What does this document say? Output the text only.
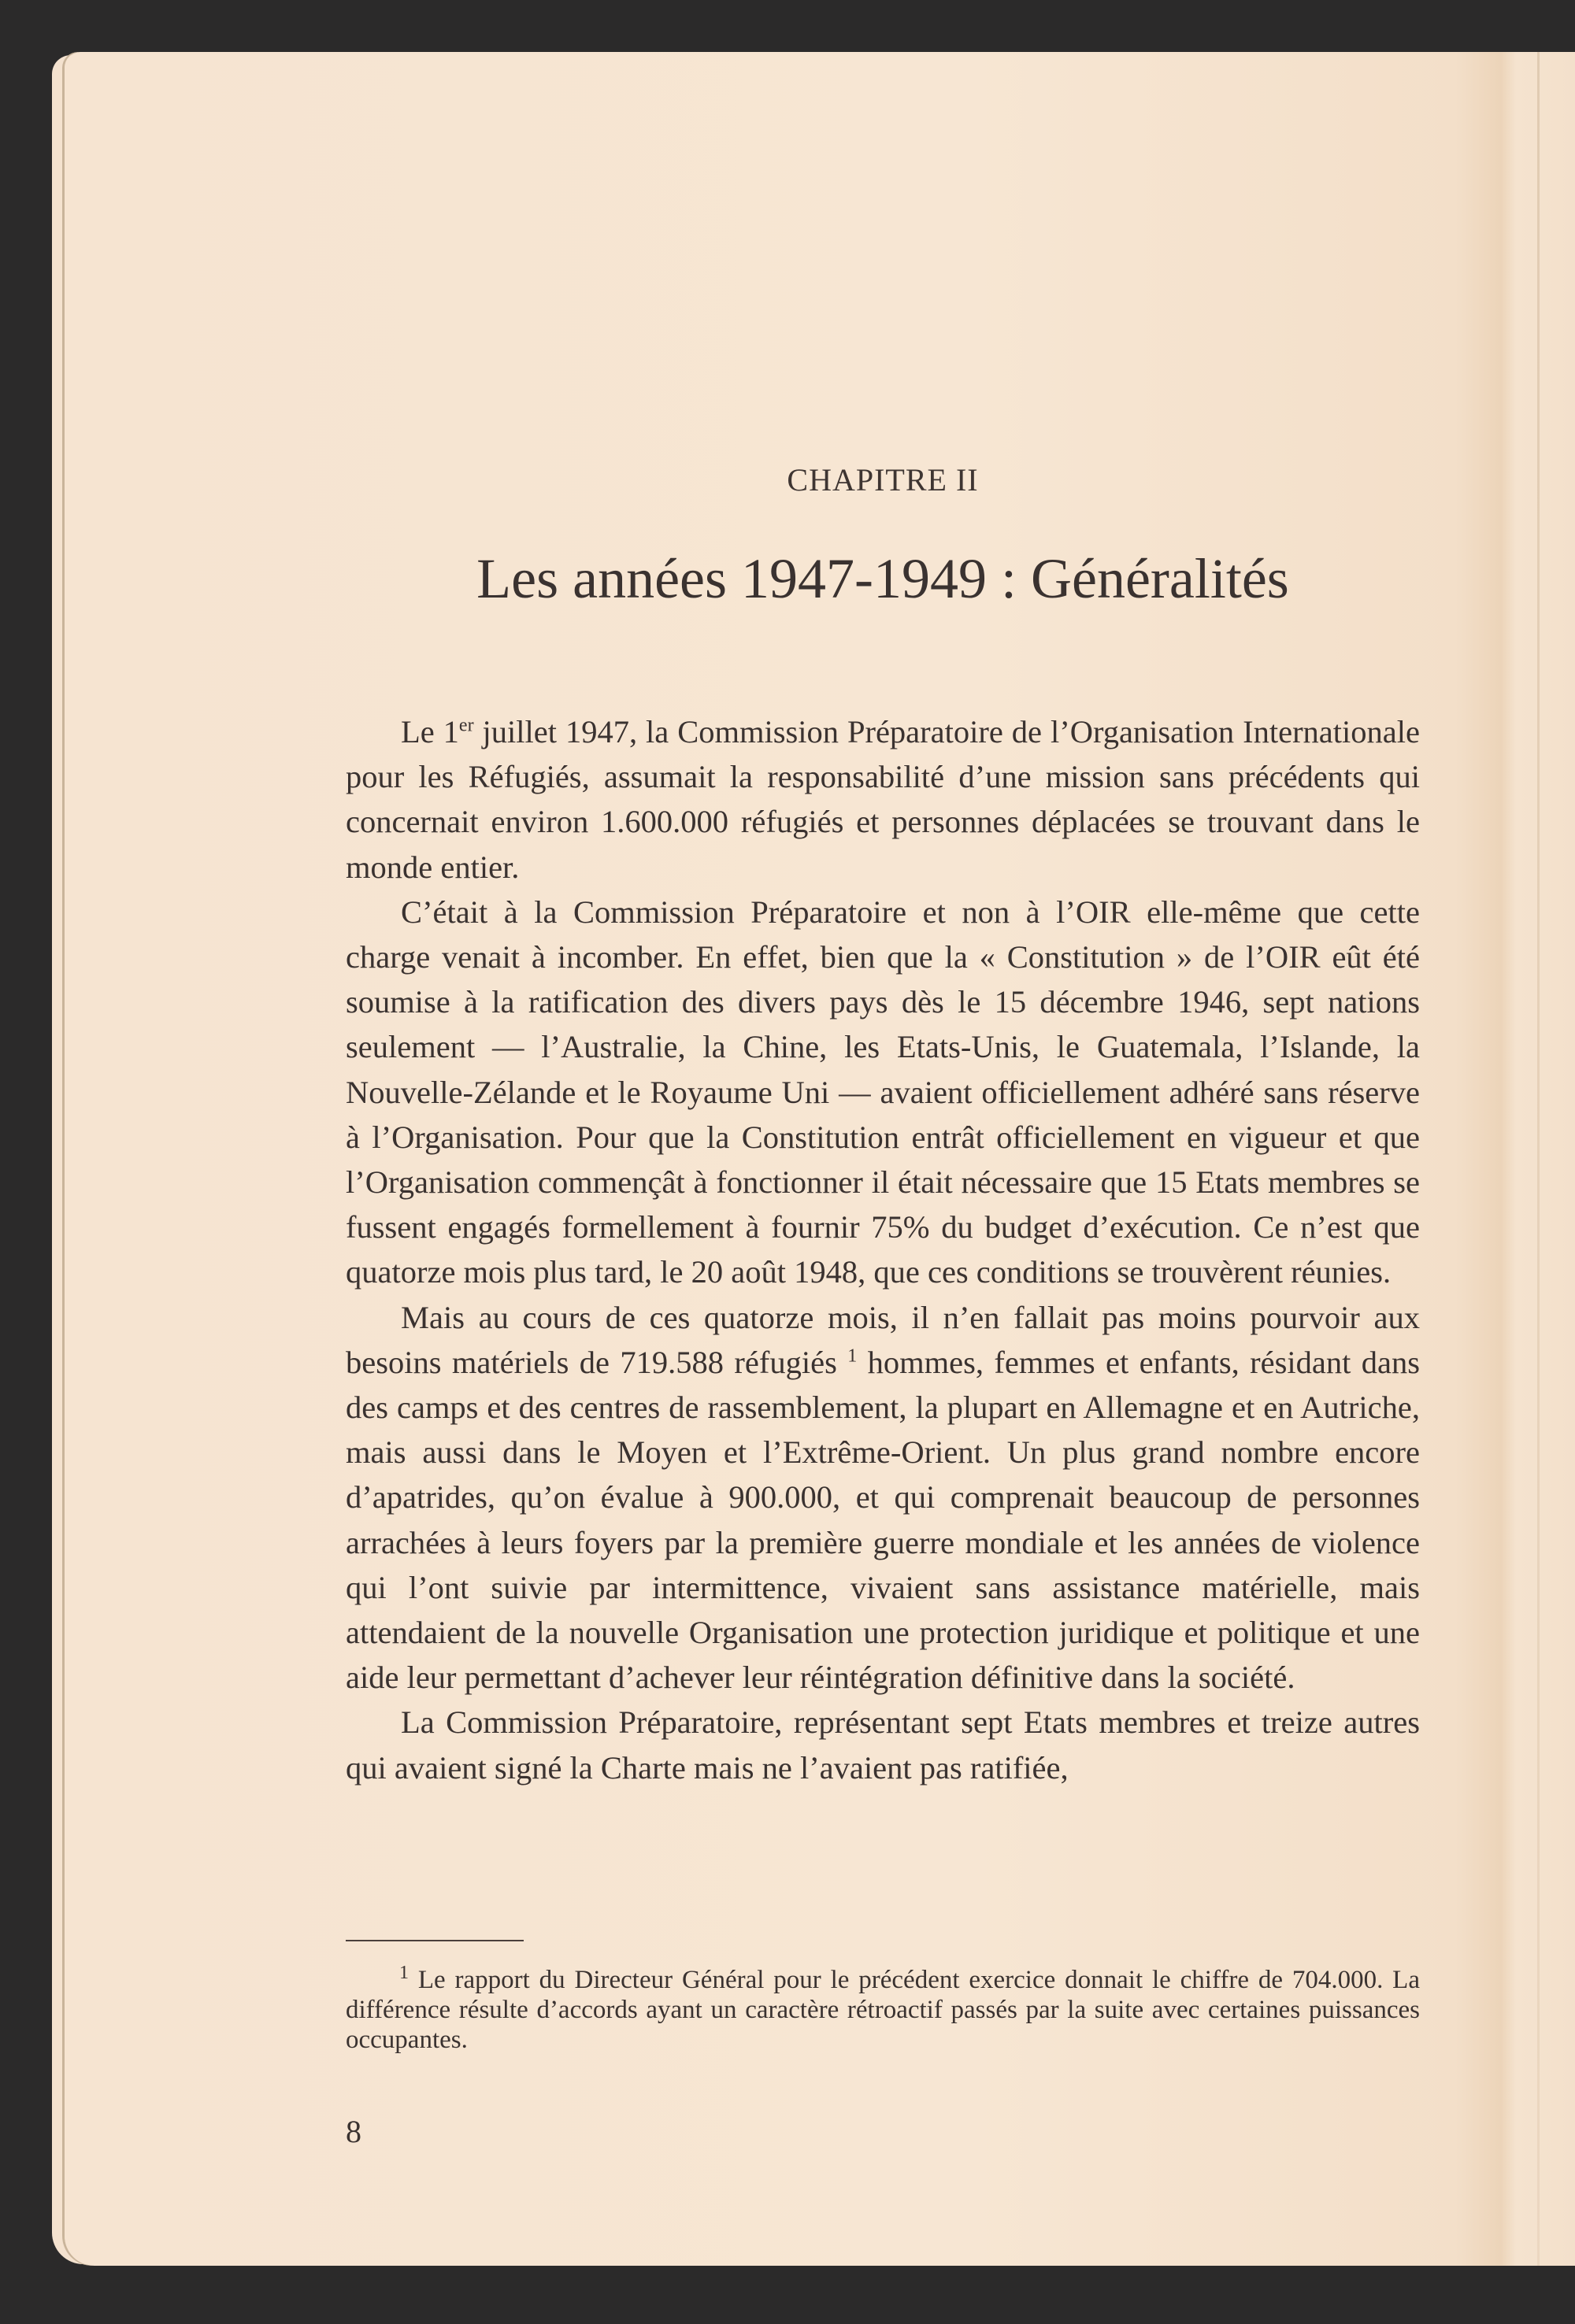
CHAPITRE II
Les années 1947-1949 : Généralités

Le 1er juillet 1947, la Commission Préparatoire de l’Organisation Internationale pour les Réfugiés, assumait la responsabilité d’une mission sans précédents qui concernait environ 1.600.000 réfugiés et personnes déplacées se trouvant dans le monde entier.

C’était à la Commission Préparatoire et non à l’OIR elle-même que cette charge venait à incomber. En effet, bien que la « Constitution » de l’OIR eût été soumise à la ratification des divers pays dès le 15 décembre 1946, sept nations seulement — l’Australie, la Chine, les Etats-Unis, le Guatemala, l’Islande, la Nouvelle-Zélande et le Royaume Uni — avaient officiellement adhéré sans réserve à l’Organisation. Pour que la Constitution entrât officiellement en vigueur et que l’Organisation commençât à fonctionner il était nécessaire que 15 Etats membres se fussent engagés formellement à fournir 75% du budget d’exécution. Ce n’est que quatorze mois plus tard, le 20 août 1948, que ces conditions se trouvèrent réunies.

Mais au cours de ces quatorze mois, il n’en fallait pas moins pourvoir aux besoins matériels de 719.588 réfugiés $^1$ hommes, femmes et enfants, résidant dans des camps et des centres de rassemblement, la plupart en Allemagne et en Autriche, mais aussi dans le Moyen et l’Extrême-Orient. Un plus grand nombre encore d’apatrides, qu’on évalue à 900.000, et qui comprenait beaucoup de personnes arrachées à leurs foyers par la première guerre mondiale et les années de violence qui l’ont suivie par intermittence, vivaient sans assistance matérielle, mais attendaient de la nouvelle Organisation une protection juridique et politique et une aide leur permettant d’achever leur réintégration définitive dans la société.

La Commission Préparatoire, représentant sept Etats membres et treize autres qui avaient signé la Charte mais ne l’avaient pas ratifiée,

$^1$ Le rapport du Directeur Général pour le précédent exercice donnait le chiffre de 704.000. La différence résulte d’accords ayant un caractère rétroactif passés par la suite avec certaines puissances occupantes.

8
